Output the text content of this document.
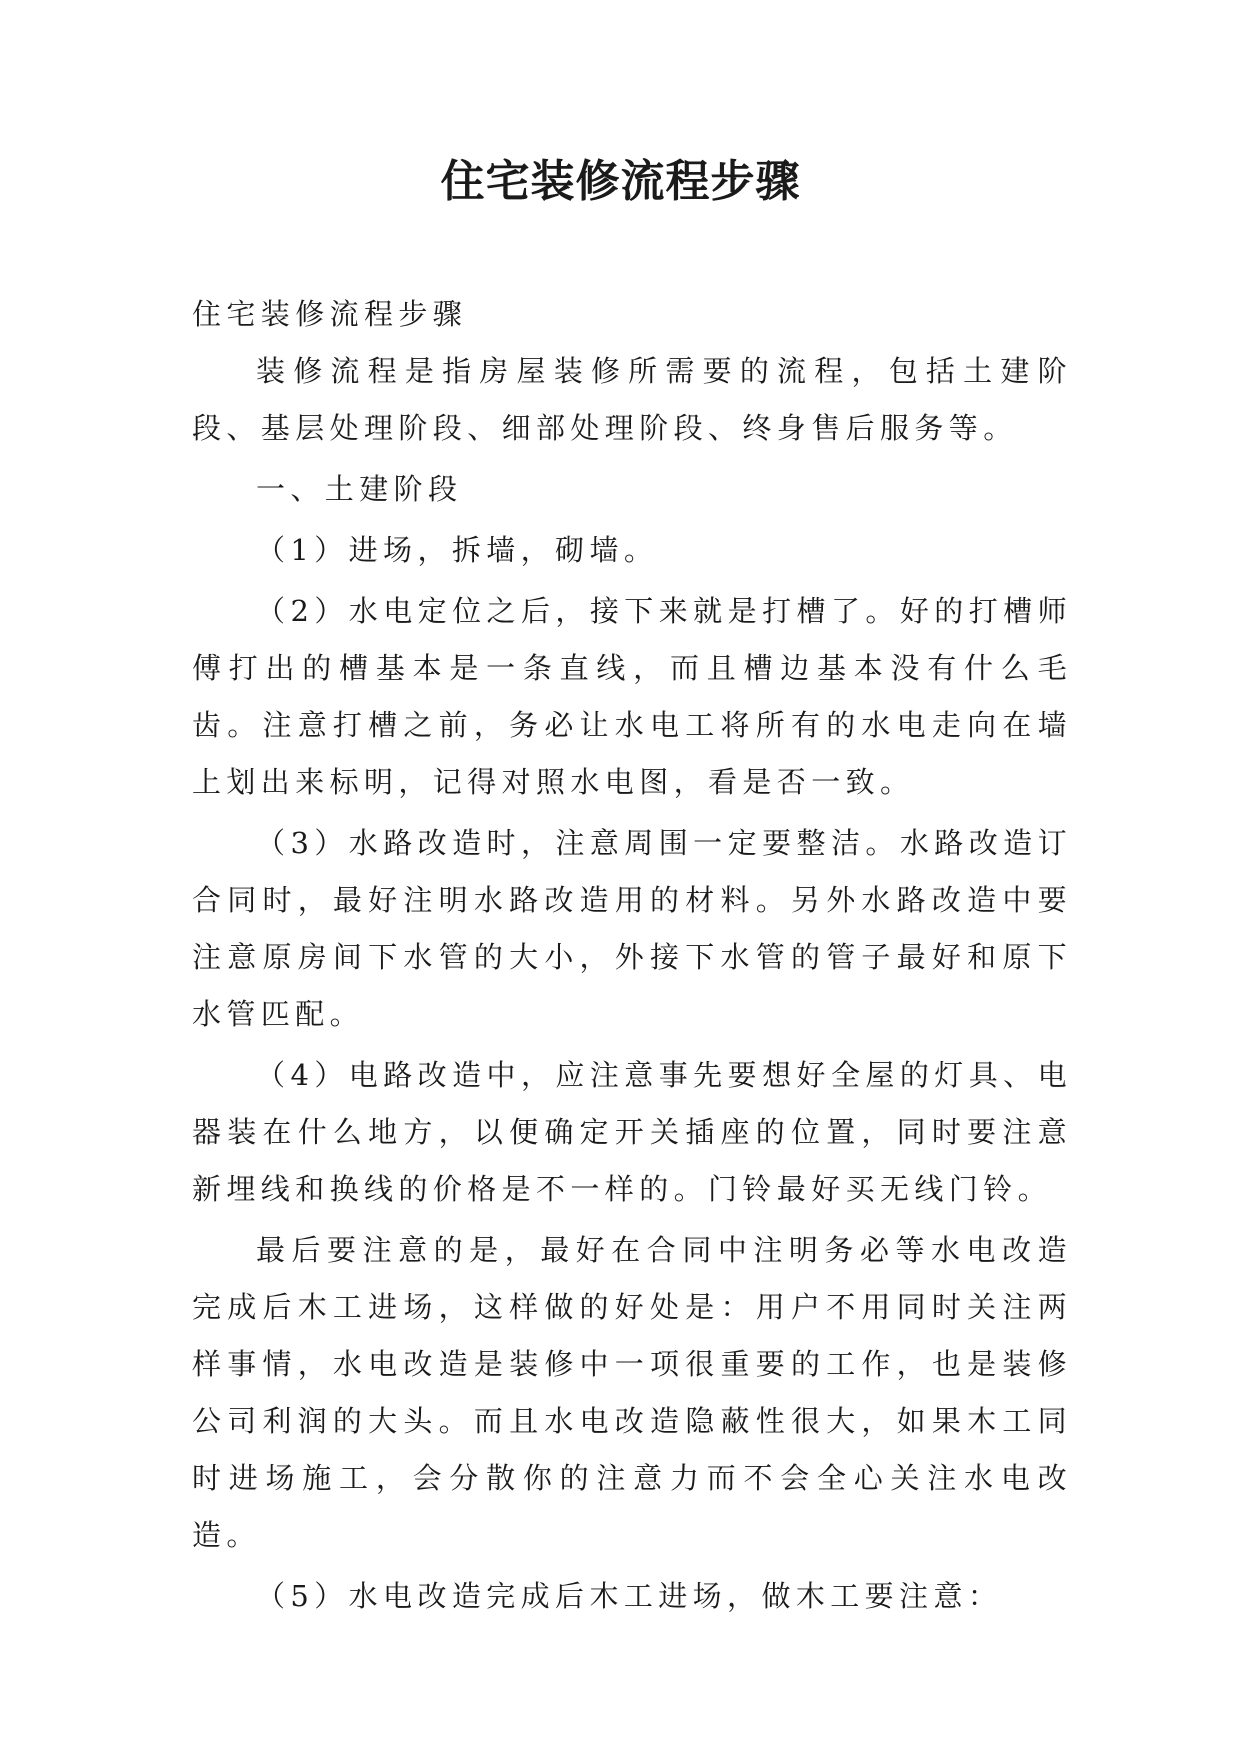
住宅装修流程步骤

住宅装修流程步骤

装修流程是指房屋装修所需要的流程，包括土建阶段、基层处理阶段、细部处理阶段、终身售后服务等。

一、土建阶段

（1）进场，拆墙，砌墙。

（2）水电定位之后，接下来就是打槽了。好的打槽师傅打出的槽基本是一条直线，而且槽边基本没有什么毛齿。注意打槽之前，务必让水电工将所有的水电走向在墙上划出来标明，记得对照水电图，看是否一致。

（3）水路改造时，注意周围一定要整洁。水路改造订合同时，最好注明水路改造用的材料。另外水路改造中要注意原房间下水管的大小，外接下水管的管子最好和原下水管匹配。

（4）电路改造中，应注意事先要想好全屋的灯具、电器装在什么地方，以便确定开关插座的位置，同时要注意新埋线和换线的价格是不一样的。门铃最好买无线门铃。

最后要注意的是，最好在合同中注明务必等水电改造完成后木工进场，这样做的好处是：用户不用同时关注两样事情，水电改造是装修中一项很重要的工作，也是装修公司利润的大头。而且水电改造隐蔽性很大，如果木工同时进场施工，会分散你的注意力而不会全心关注水电改造。

（5）水电改造完成后木工进场，做木工要注意：
